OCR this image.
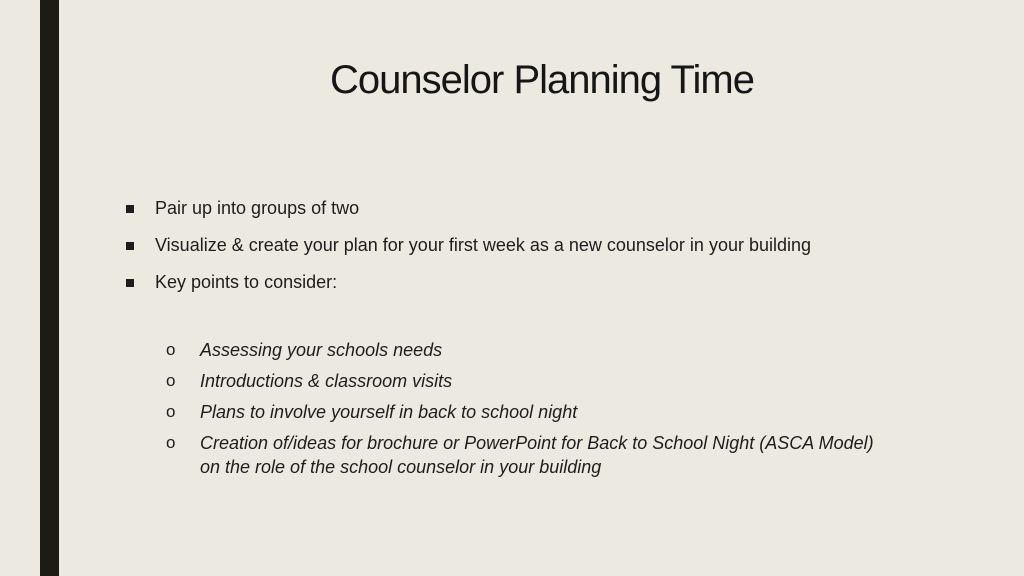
Counselor Planning Time
Pair up into groups of two
Visualize & create your plan for your first week as a new counselor in your building
Key points to consider:
o Assessing your schools needs
o Introductions & classroom visits
o Plans to involve yourself in back to school night
o Creation of/ideas for brochure or PowerPoint for Back to School Night (ASCA Model) on the role of the school counselor in your building
